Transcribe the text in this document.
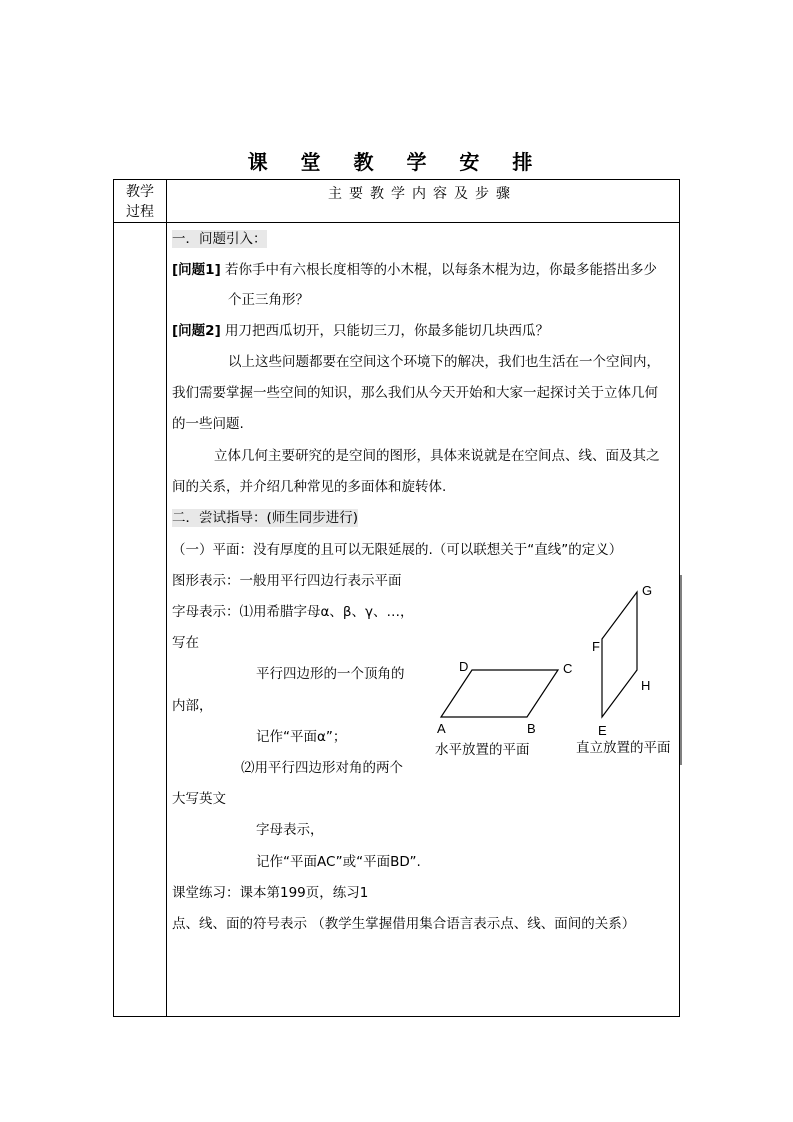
课 堂 教 学 安 排
教学
过程
主要教学内容及步骤
一．问题引入：
[问题1] 若你手中有六根长度相等的小木棍，以每条木棍为边，你最多能搭出多少
个正三角形？
[问题2] 用刀把西瓜切开，只能切三刀，你最多能切几块西瓜？
以上这些问题都要在空间这个环境下的解决，我们也生活在一个空间内，
我们需要掌握一些空间的知识，那么我们从今天开始和大家一起探讨关于立体几何
的一些问题.
立体几何主要研究的是空间的图形，具体来说就是在空间点、线、面及其之
间的关系，并介绍几种常见的多面体和旋转体.
二．尝试指导：(师生同步进行)
（一）平面：没有厚度的且可以无限延展的.（可以联想关于“直线”的定义）
图形表示：一般用平行四边行表示平面
字母表示：⑴用希腊字母α、β、γ、…，
写在
平行四边形的一个顶角的
内部，
记作“平面α”；
⑵用平行四边形对角的两个
大写英文
字母表示，
记作“平面AC”或“平面BD”.
课堂练习：课本第199页，练习1
点、线、面的符号表示 （教学生掌握借用集合语言表示点、线、面间的关系）
D	C
A	B
G
F
H
E
水平放置的平面	直立放置的平面
